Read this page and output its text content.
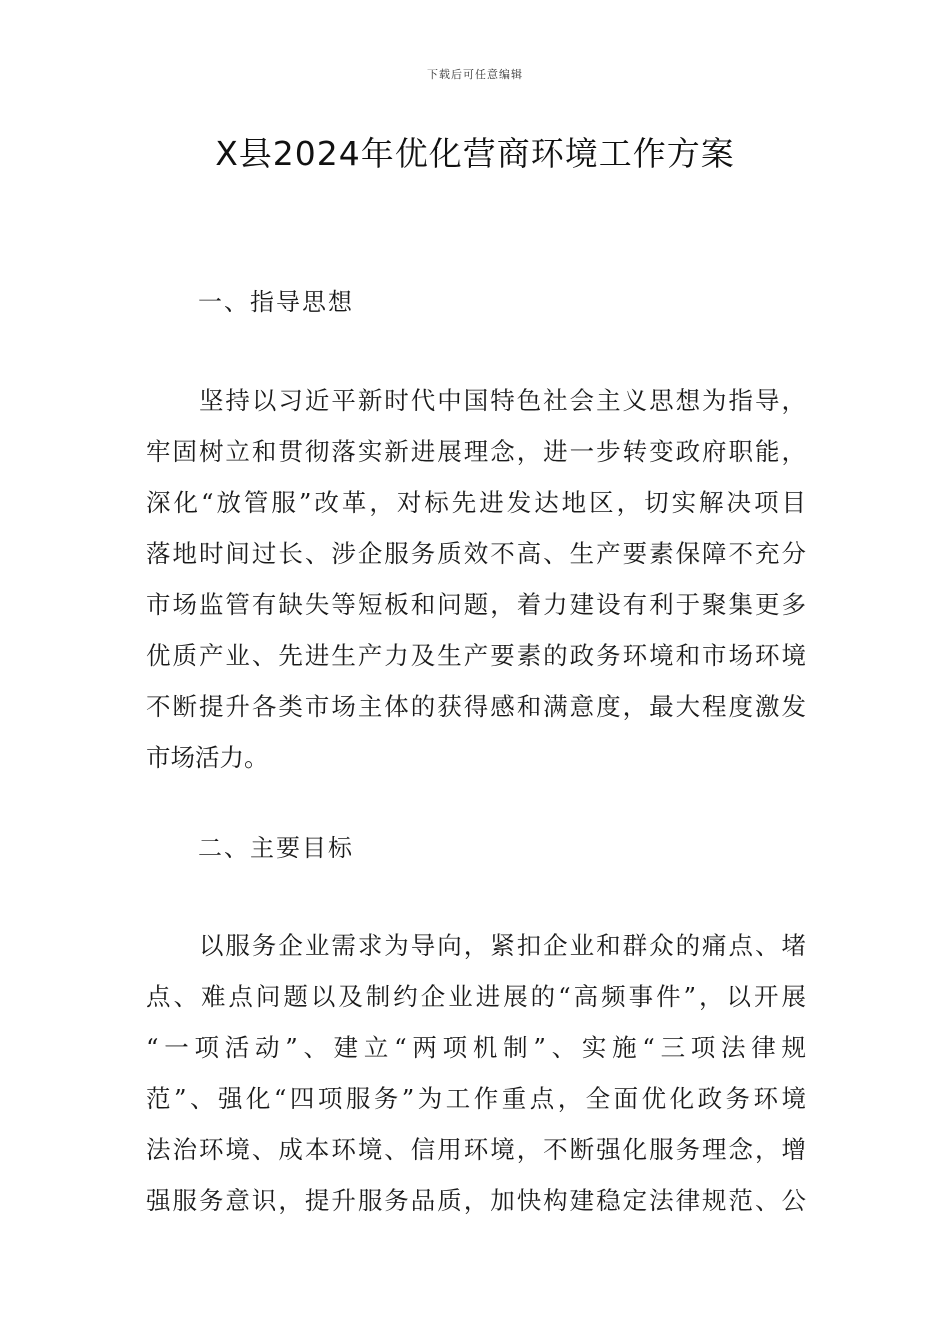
下载后可任意编辑
X县2024年优化营商环境工作方案
一、指导思想
　　坚持以习近平新时代中国特色社会主义思想为指导，
牢固树立和贯彻落实新进展理念，进一步转变政府职能，
深化“放管服”改革，对标先进发达地区，切实解决项目
落地时间过长、涉企服务质效不高、生产要素保障不充分
市场监管有缺失等短板和问题，着力建设有利于聚集更多
优质产业、先进生产力及生产要素的政务环境和市场环境
不断提升各类市场主体的获得感和满意度，最大程度激发
市场活力。
二、主要目标
　　以服务企业需求为导向，紧扣企业和群众的痛点、堵
点、难点问题以及制约企业进展的“高频事件”，以开展
“一项活动”、建立“两项机制”、实施“三项法律规
范”、强化“四项服务”为工作重点，全面优化政务环境
法治环境、成本环境、信用环境，不断强化服务理念，增
强服务意识，提升服务品质，加快构建稳定法律规范、公
